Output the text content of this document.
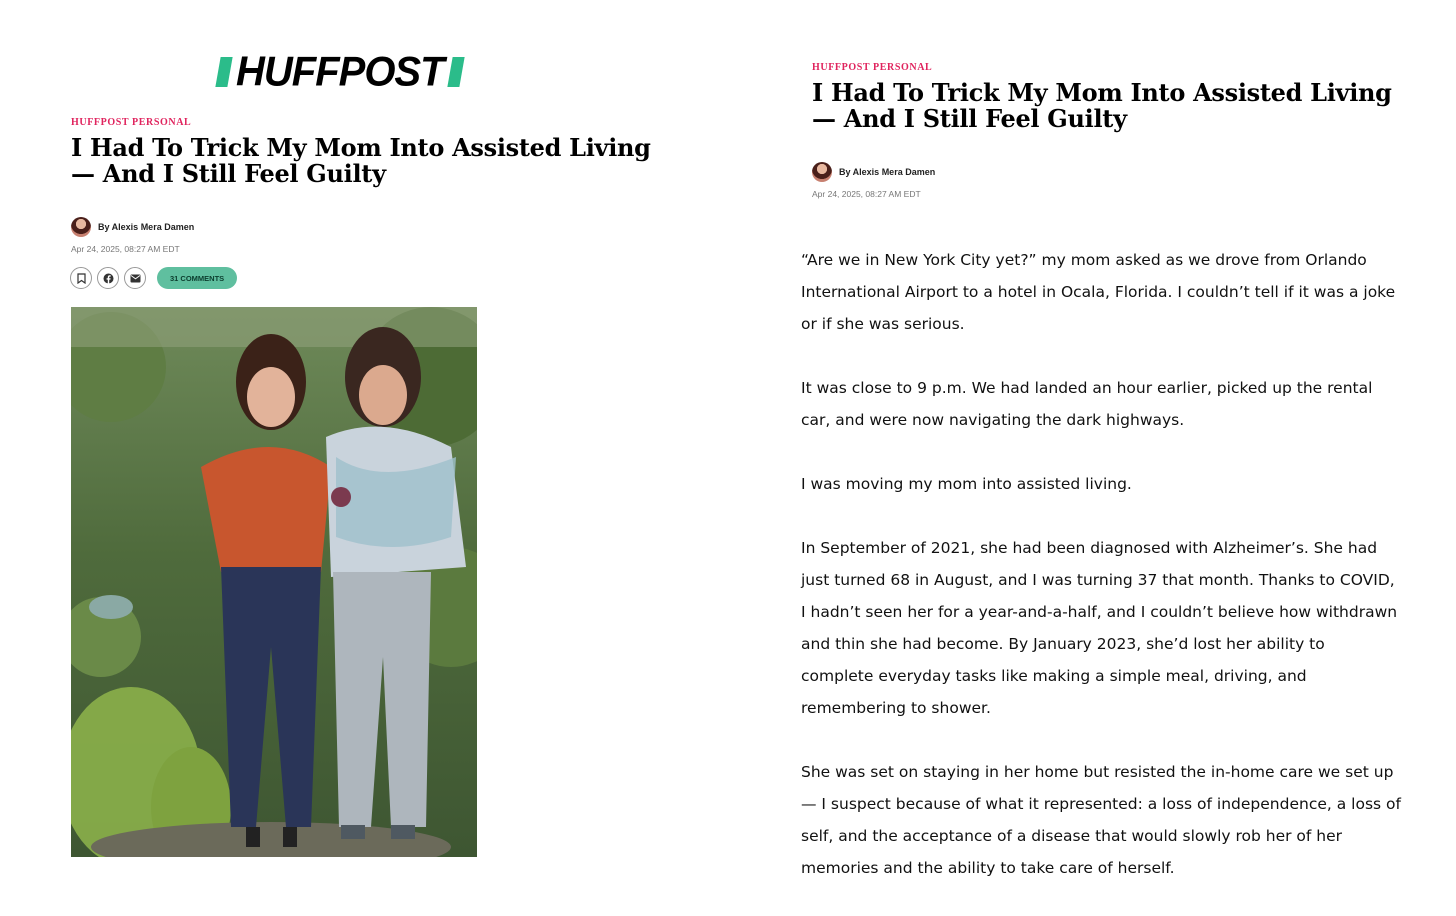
HUFFPOST
HUFFPOST PERSONAL
I Had To Trick My Mom Into Assisted Living
— And I Still Feel Guilty
By Alexis Mera Damen
Apr 24, 2025, 08:27 AM EDT
31 COMMENTS
HUFFPOST PERSONAL
I Had To Trick My Mom Into Assisted Living
— And I Still Feel Guilty
By Alexis Mera Damen
Apr 24, 2025, 08:27 AM EDT

“Are we in New York City yet?” my mom asked as we drove from Orlando International Airport to a hotel in Ocala, Florida. I couldn’t tell if it was a joke or if she was serious.

It was close to 9 p.m. We had landed an hour earlier, picked up the rental car, and were now navigating the dark highways.

I was moving my mom into assisted living.

In September of 2021, she had been diagnosed with Alzheimer’s. She had just turned 68 in August, and I was turning 37 that month. Thanks to COVID, I hadn’t seen her for a year-and-a-half, and I couldn’t believe how withdrawn and thin she had become. By January 2023, she’d lost her ability to complete everyday tasks like making a simple meal, driving, and remembering to shower.

She was set on staying in her home but resisted the in-home care we set up — I suspect because of what it represented: a loss of independence, a loss of self, and the acceptance of a disease that would slowly rob her of her memories and the ability to take care of herself.
